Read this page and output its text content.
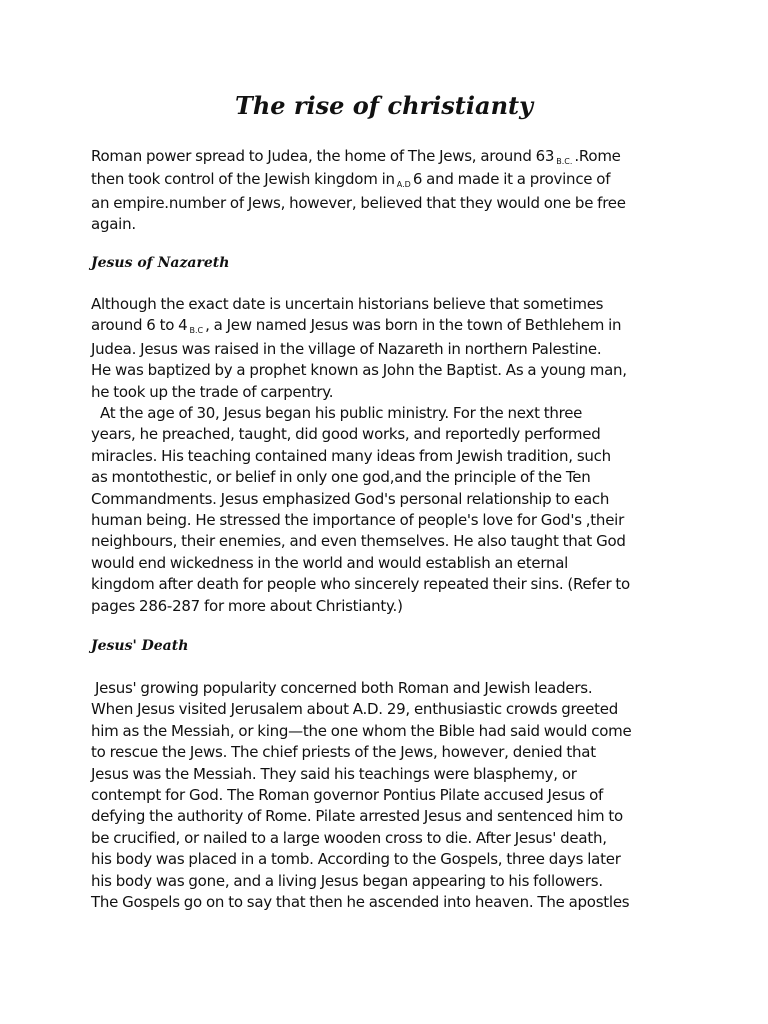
The rise of christianty

Roman power spread to Judea, the home of The Jews, around 63 $_{B.C.}$ .Rome
then took control of the Jewish kingdom in $_{A.D}$ 6 and made it a province of
an empire.number of Jews, however, believed that they would one be free
again.

Jesus of Nazareth

Although the exact date is uncertain historians believe that sometimes
around 6 to 4 $_{B.C}$ , a Jew named Jesus was born in the town of Bethlehem in
Judea. Jesus was raised in the village of Nazareth in northern Palestine.
He was baptized by a prophet known as John the Baptist. As a young man,
he took up the trade of carpentry.
At the age of 30, Jesus began his public ministry. For the next three
years, he preached, taught, did good works, and reportedly performed
miracles. His teaching contained many ideas from Jewish tradition, such
as montothestic, or belief in only one god,and the principle of the Ten
Commandments. Jesus emphasized God's personal relationship to each
human being. He stressed the importance of people's love for God's ,their
neighbours, their enemies, and even themselves. He also taught that God
would end wickedness in the world and would establish an eternal
kingdom after death for people who sincerely repeated their sins. (Refer to
pages 286-287 for more about Christianty.)

Jesus' Death

Jesus' growing popularity concerned both Roman and Jewish leaders.
When Jesus visited Jerusalem about A.D. 29, enthusiastic crowds greeted
him as the Messiah, or king—the one whom the Bible had said would come
to rescue the Jews. The chief priests of the Jews, however, denied that
Jesus was the Messiah. They said his teachings were blasphemy, or
contempt for God. The Roman governor Pontius Pilate accused Jesus of
defying the authority of Rome. Pilate arrested Jesus and sentenced him to
be crucified, or nailed to a large wooden cross to die. After Jesus' death,
his body was placed in a tomb. According to the Gospels, three days later
his body was gone, and a living Jesus began appearing to his followers.
The Gospels go on to say that then he ascended into heaven. The apostles
